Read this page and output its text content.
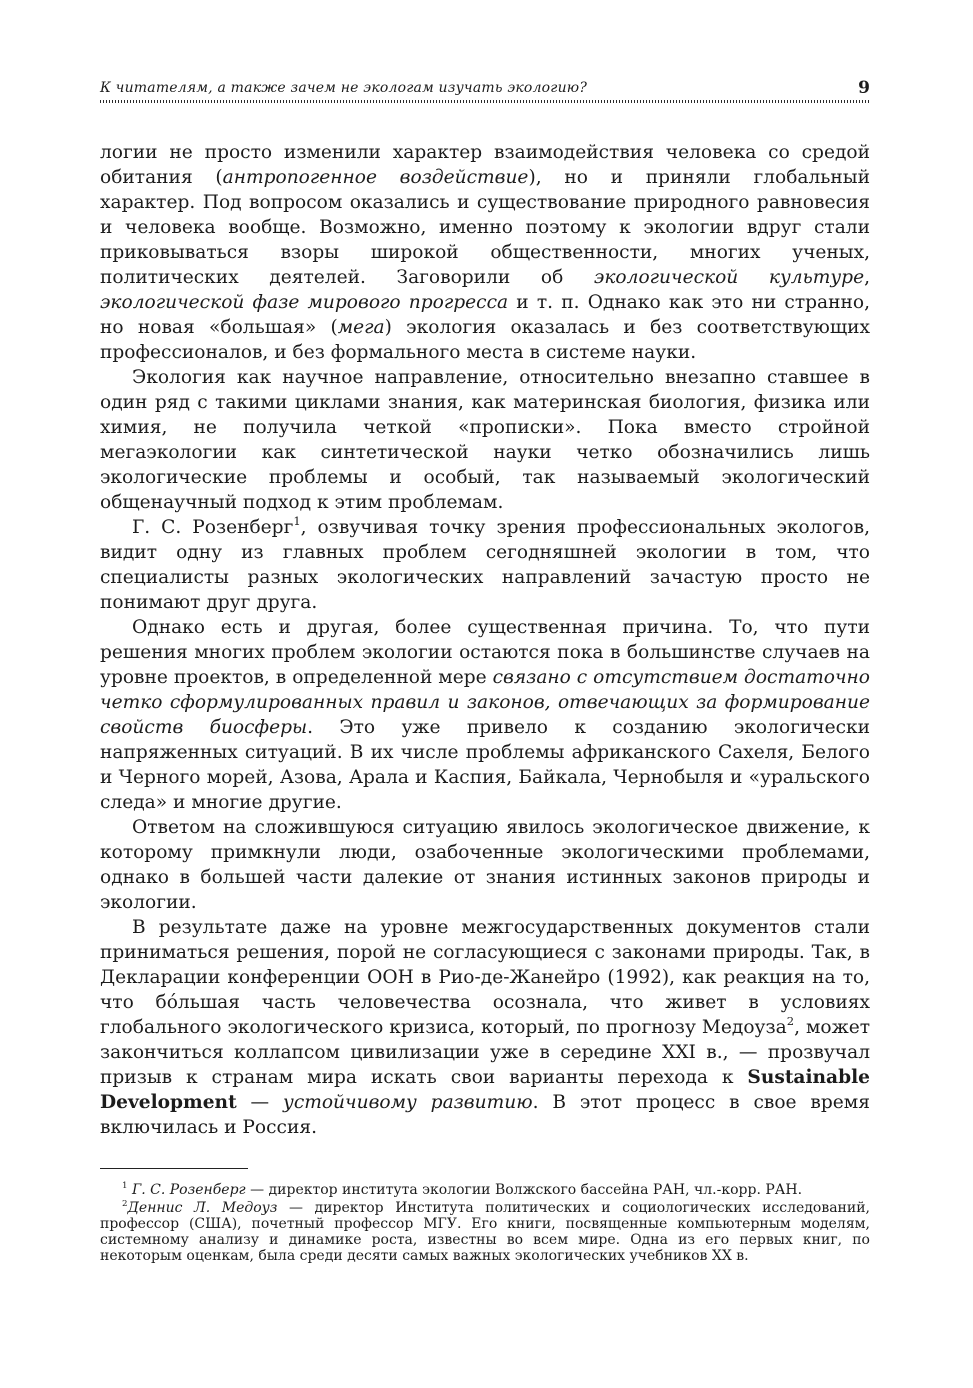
К читателям, а также зачем не экологам изучать экологию?	9

логии не просто изменили характер взаимодействия человека со средой обитания (антропогенное воздействие), но и приняли глобальный характер. Под вопросом оказались и существование природного равновесия и человека вообще. Возможно, именно поэтому к экологии вдруг стали приковываться взоры широкой общественности, многих ученых, политических деятелей. Заговорили об экологической культуре, экологической фазе мирового прогресса и т. п. Однако как это ни странно, но новая «большая» (мега) экология оказалась и без соответствующих профессионалов, и без формального места в системе науки.

Экология как научное направление, относительно внезапно ставшее в один ряд с такими циклами знания, как материнская биология, физика или химия, не получила четкой «прописки». Пока вместо стройной мегаэкологии как синтетической науки четко обозначились лишь экологические проблемы и особый, так называемый экологический общенаучный подход к этим проблемам.

Г. С. Розенберг$^1$, озвучивая точку зрения профессиональных экологов, видит одну из главных проблем сегодняшней экологии в том, что специалисты разных экологических направлений зачастую просто не понимают друг друга.

Однако есть и другая, более существенная причина. То, что пути решения многих проблем экологии остаются пока в большинстве случаев на уровне проектов, в определенной мере связано с отсутствием достаточно четко сформулированных правил и законов, отвечающих за формирование свойств биосферы. Это уже привело к созданию экологически напряженных ситуаций. В их числе проблемы африканского Сахеля, Белого и Черного морей, Азова, Арала и Каспия, Байкала, Чернобыля и «уральского следа» и многие другие.

Ответом на сложившуюся ситуацию явилось экологическое движение, к которому примкнули люди, озабоченные экологическими проблемами, однако в большей части далекие от знания истинных законов природы и экологии.

В результате даже на уровне межгосударственных документов стали приниматься решения, порой не согласующиеся с законами природы. Так, в Декларации конференции ООН в Рио-де-Жанейро (1992), как реакция на то, что бóльшая часть человечества осознала, что живет в условиях глобального экологического кризиса, который, по прогнозу Медоуза$^2$, может закончиться коллапсом цивилизации уже в середине XXI в., — прозвучал призыв к странам мира искать свои варианты перехода к Sustainable Development — устойчивому развитию. В этот процесс в свое время включилась и Россия.

$^1$ Г. С. Розенберг — директор института экологии Волжского бассейна РАН, чл.-корр. РАН.

$^2$Деннис Л. Медоуз — директор Института политических и социологических исследований, профессор (США), почетный профессор МГУ. Его книги, посвященные компьютерным моделям, системному анализу и динамике роста, известны во всем мире. Одна из его первых книг, по некоторым оценкам, была среди десяти самых важных экологических учебников XX в.
